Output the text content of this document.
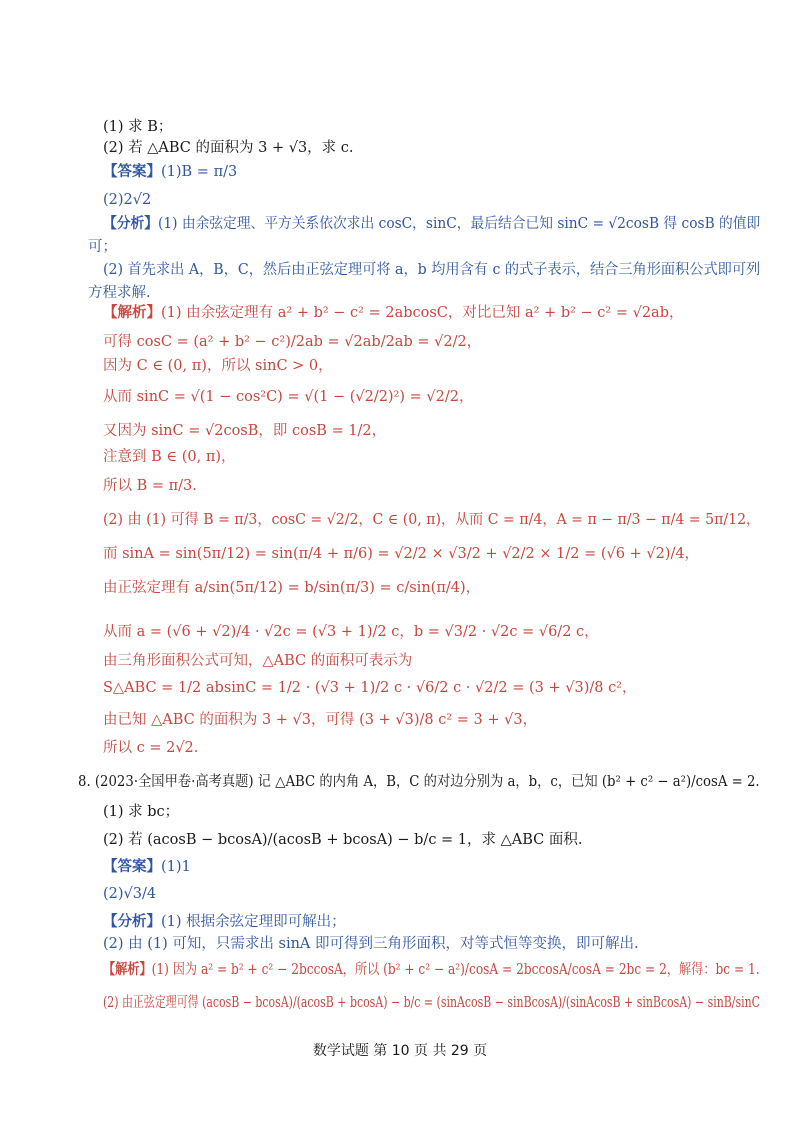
(1) 求 B；
(2) 若 △ABC 的面积为 3 + √3，求 c.
【答案】(1)B = π/3
(2)2√2
【分析】(1) 由余弦定理、平方关系依次求出 cosC，sinC，最后结合已知 sinC = √2cosB 得 cosB 的值即
可；
(2) 首先求出 A，B，C，然后由正弦定理可将 a，b 均用含有 c 的式子表示，结合三角形面积公式即可列
方程求解.
【解析】(1) 由余弦定理有 a² + b² − c² = 2abcosC，对比已知 a² + b² − c² = √2ab，
可得 cosC = (a² + b² − c²)/2ab = √2ab/2ab = √2/2，
因为 C ∈ (0, π)，所以 sinC > 0，
从而 sinC = √(1 − cos²C) = √(1 − (√2/2)²) = √2/2，
又因为 sinC = √2cosB，即 cosB = 1/2，
注意到 B ∈ (0, π)，
所以 B = π/3.
(2) 由 (1) 可得 B = π/3，cosC = √2/2，C ∈ (0, π)，从而 C = π/4，A = π − π/3 − π/4 = 5π/12，
而 sinA = sin(5π/12) = sin(π/4 + π/6) = √2/2 × √3/2 + √2/2 × 1/2 = (√6 + √2)/4，
由正弦定理有 a/sin(5π/12) = b/sin(π/3) = c/sin(π/4)，
从而 a = (√6 + √2)/4 · √2c = (√3 + 1)/2 c，b = √3/2 · √2c = √6/2 c，
由三角形面积公式可知，△ABC 的面积可表示为
S△ABC = 1/2 absinC = 1/2 · (√3 + 1)/2 c · √6/2 c · √2/2 = (3 + √3)/8 c²，
由已知 △ABC 的面积为 3 + √3，可得 (3 + √3)/8 c² = 3 + √3，
所以 c = 2√2.
8. (2023·全国甲卷·高考真题) 记 △ABC 的内角 A，B，C 的对边分别为 a，b，c，已知 (b² + c² − a²)/cosA = 2.
(1) 求 bc；
(2) 若 (acosB − bcosA)/(acosB + bcosA) − b/c = 1，求 △ABC 面积.
【答案】(1)1
(2)√3/4
【分析】(1) 根据余弦定理即可解出；
(2) 由 (1) 可知，只需求出 sinA 即可得到三角形面积，对等式恒等变换，即可解出.
【解析】(1) 因为 a² = b² + c² − 2bccosA，所以 (b² + c² − a²)/cosA = 2bccosA/cosA = 2bc = 2，解得：bc = 1.
(2) 由正弦定理可得 (acosB − bcosA)/(acosB + bcosA) − b/c = (sinAcosB − sinBcosA)/(sinAcosB + sinBcosA) − sinB/sinC
数学试题 第 10 页 共 29 页
